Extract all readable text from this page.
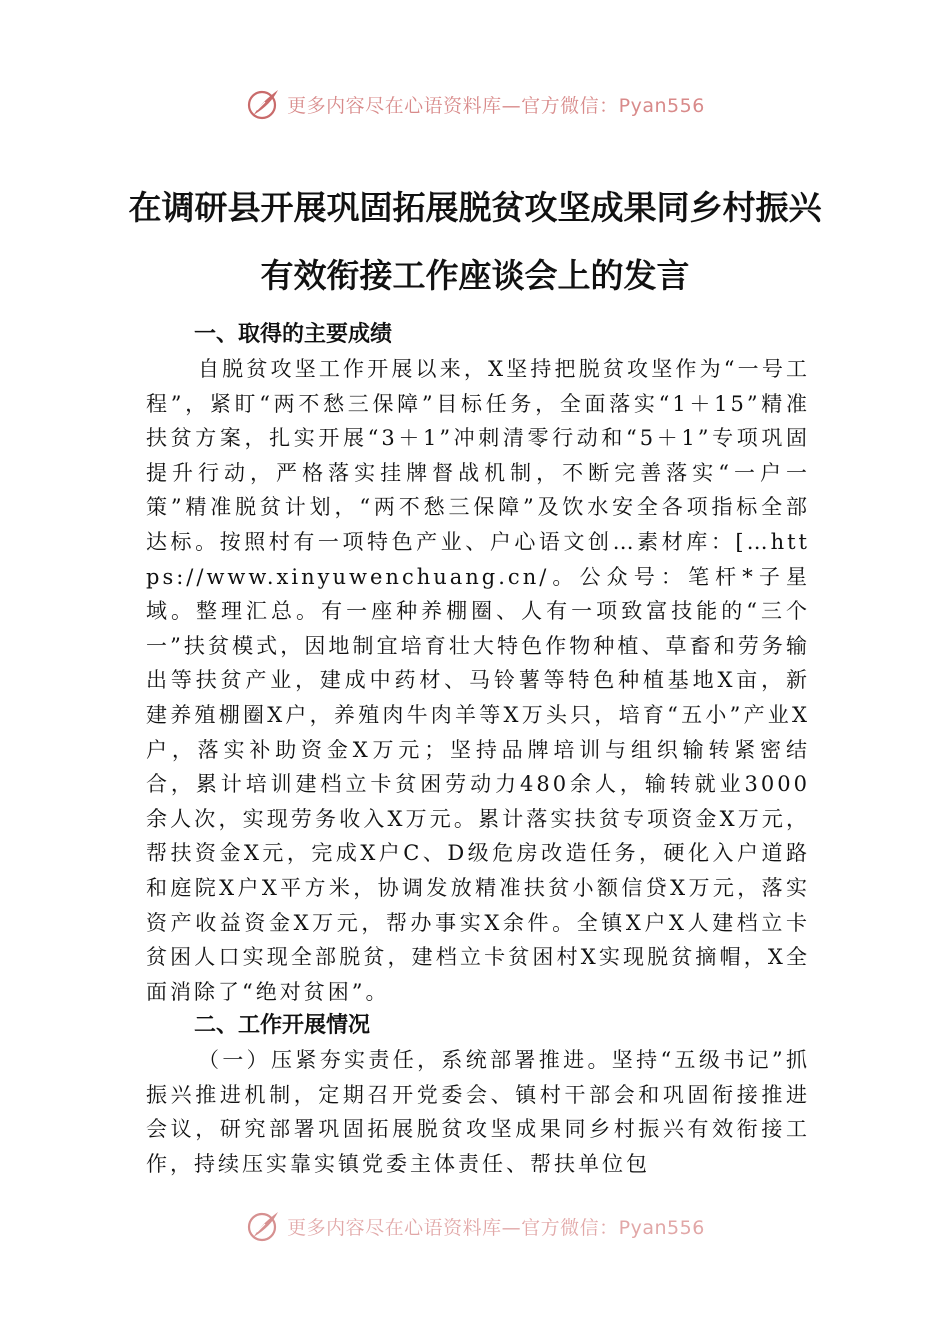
更多内容尽在心语资料库—官方微信：Pyan556
在调研县开展巩固拓展脱贫攻坚成果同乡村振兴有效衔接工作座谈会上的发言

一、取得的主要成绩

自脱贫攻坚工作开展以来，X坚持把脱贫攻坚作为“一号工程”，紧盯“两不愁三保障”目标任务，全面落实“1＋15”精准扶贫方案，扎实开展“3＋1”冲刺清零行动和“5＋1”专项巩固提升行动，严格落实挂牌督战机制，不断完善落实“一户一策”精准脱贫计划，“两不愁三保障”及饮水安全各项指标全部达标。按照村有一项特色产业、户心语文创…素材库：[…https://www.xinyuwenchuang.cn/。公众号：笔杆*子星域。整理汇总。有一座种养棚圈、人有一项致富技能的“三个一”扶贫模式，因地制宜培育壮大特色作物种植、草畜和劳务输出等扶贫产业，建成中药材、马铃薯等特色种植基地X亩，新建养殖棚圈X户，养殖肉牛肉羊等X万头只，培育“五小”产业X户，落实补助资金X万元；坚持品牌培训与组织输转紧密结合，累计培训建档立卡贫困劳动力480余人，输转就业3000余人次，实现劳务收入X万元。累计落实扶贫专项资金X万元，帮扶资金X元，完成X户C、D级危房改造任务，硬化入户道路和庭院X户X平方米，协调发放精准扶贫小额信贷X万元，落实资产收益资金X万元，帮办事实X余件。全镇X户X人建档立卡贫困人口实现全部脱贫，建档立卡贫困村X实现脱贫摘帽，X全面消除了“绝对贫困”。

二、工作开展情况

（一）压紧夯实责任，系统部署推进。坚持“五级书记”抓振兴推进机制，定期召开党委会、镇村干部会和巩固衔接推进会议，研究部署巩固拓展脱贫攻坚成果同乡村振兴有效衔接工作，持续压实靠实镇党委主体责任、帮扶单位包

更多内容尽在心语资料库—官方微信：Pyan556
